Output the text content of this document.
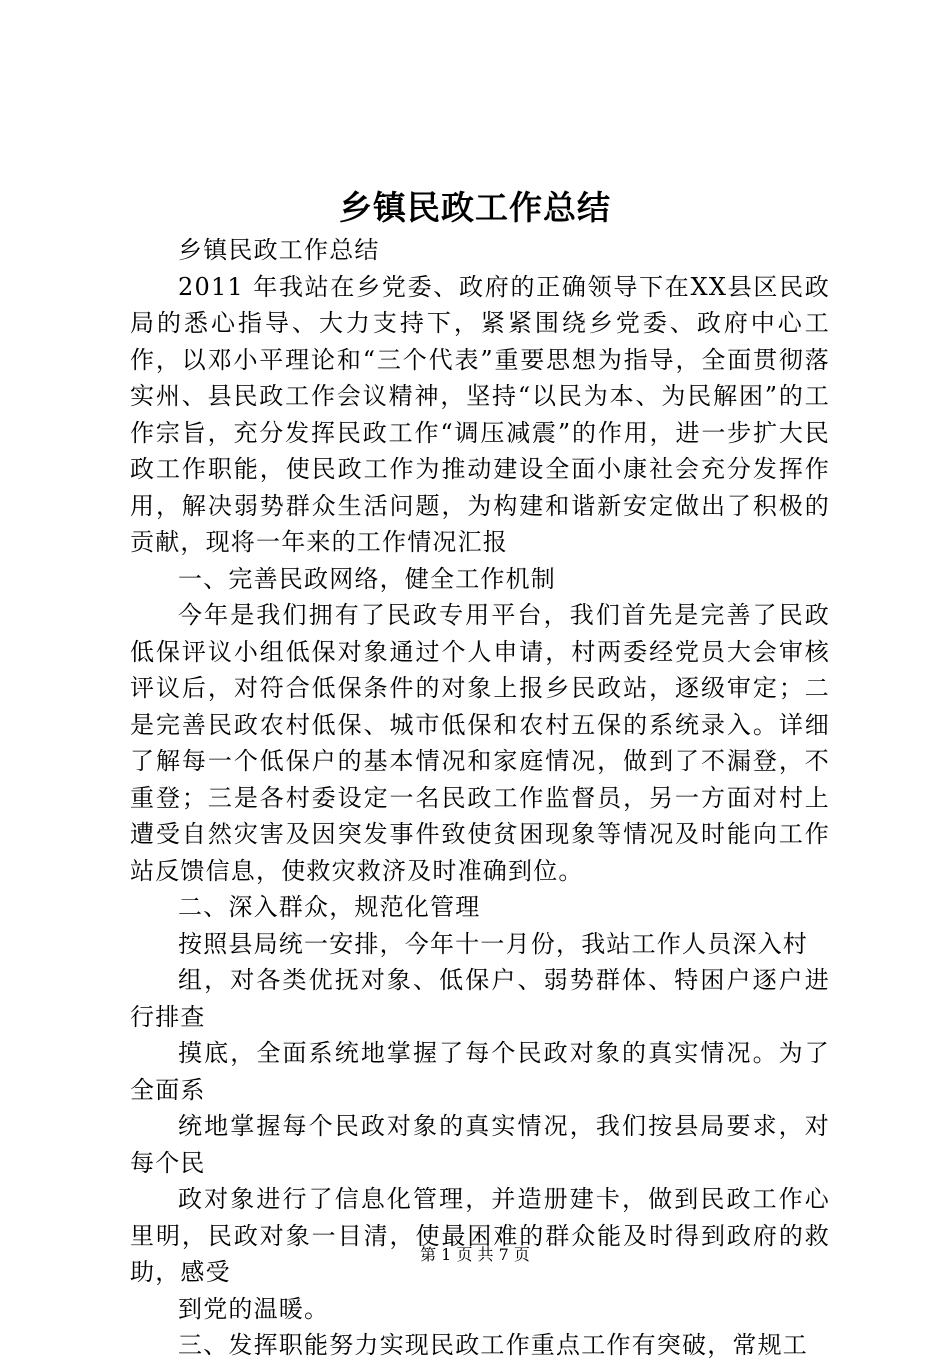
乡镇民政工作总结

乡镇民政工作总结

2011 年我站在乡党委、政府的正确领导下在XX县区民政局的悉心指导、大力支持下，紧紧围绕乡党委、政府中心工作，以邓小平理论和“三个代表”重要思想为指导，全面贯彻落实州、县民政工作会议精神，坚持“以民为本、为民解困”的工作宗旨，充分发挥民政工作“调压减震”的作用，进一步扩大民政工作职能，使民政工作为推动建设全面小康社会充分发挥作用，解决弱势群众生活问题，为构建和谐新安定做出了积极的贡献，现将一年来的工作情况汇报

一、完善民政网络，健全工作机制

今年是我们拥有了民政专用平台，我们首先是完善了民政低保评议小组低保对象通过个人申请，村两委经党员大会审核评议后，对符合低保条件的对象上报乡民政站，逐级审定；二是完善民政农村低保、城市低保和农村五保的系统录入。详细了解每一个低保户的基本情况和家庭情况，做到了不漏登，不重登；三是各村委设定一名民政工作监督员，另一方面对村上遭受自然灾害及因突发事件致使贫困现象等情况及时能向工作站反馈信息，使救灾救济及时准确到位。

二、深入群众，规范化管理

按照县局统一安排，今年十一月份，我站工作人员深入村

组，对各类优抚对象、低保户、弱势群体、特困户逐户进行排查

摸底，全面系统地掌握了每个民政对象的真实情况。为了全面系

统地掌握每个民政对象的真实情况，我们按县局要求，对每个民

政对象进行了信息化管理，并造册建卡，做到民政工作心里明，民政对象一目清，使最困难的群众能及时得到政府的救助，感受

到党的温暖。

三、发挥职能努力实现民政工作重点工作有突破，常规工

第 1 页 共 7 页
